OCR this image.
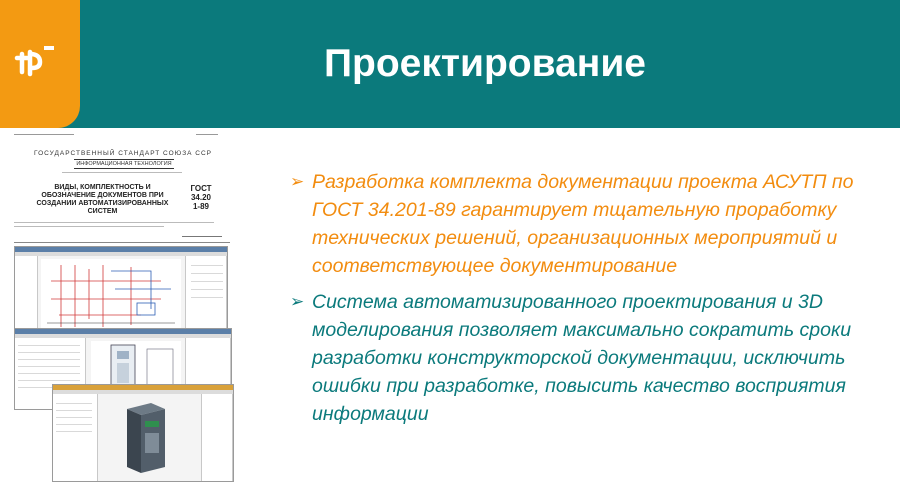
Проектирование
ГОСУДАРСТВЕННЫЙ СТАНДАРТ СОЮЗА ССР
ИНФОРМАЦИОННАЯ ТЕХНОЛОГИЯ
ВИДЫ, КОМПЛЕКТНОСТЬ И ОБОЗНАЧЕНИЕ ДОКУМЕНТОВ ПРИ СОЗДАНИИ АВТОМАТИЗИРОВАННЫХ СИСТЕМ
ГОСТ
34.20
1-89
➢ Разработка комплекта документации проекта АСУТП по ГОСТ 34.201-89 гарантирует тщательную проработку технических решений, организационных мероприятий и соответствующее документирование
➢ Система автоматизированного проектирования и 3D моделирования позволяет максимально сократить сроки разработки конструкторской документации, исключить ошибки при разработке, повысить качество восприятия информации
